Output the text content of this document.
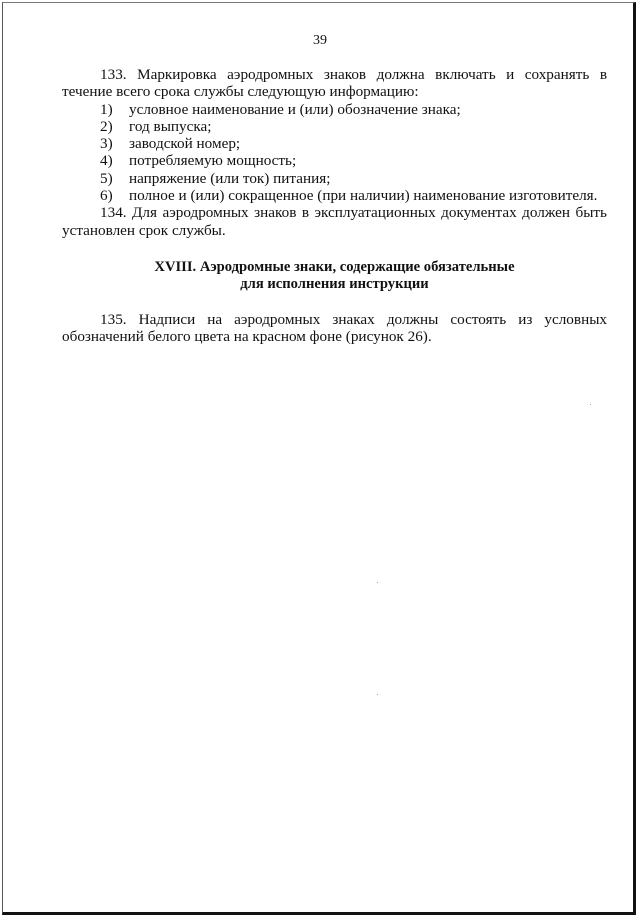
39

133. Маркировка аэродромных знаков должна включать и сохранять в течение всего срока службы следующую информацию:

1)	условное наименование и (или) обозначение знака;
2)	год выпуска;
3)	заводской номер;
4)	потребляемую мощность;
5)	напряжение (или ток) питания;
6)	полное и (или) сокращенное (при наличии) наименование изготовителя.

134. Для аэродромных знаков в эксплуатационных документах должен быть установлен срок службы.

XVIII. Аэродромные знаки, содержащие обязательные
для исполнения инструкции

135. Надписи на аэродромных знаках должны состоять из условных обозначений белого цвета на красном фоне (рисунок 26).
